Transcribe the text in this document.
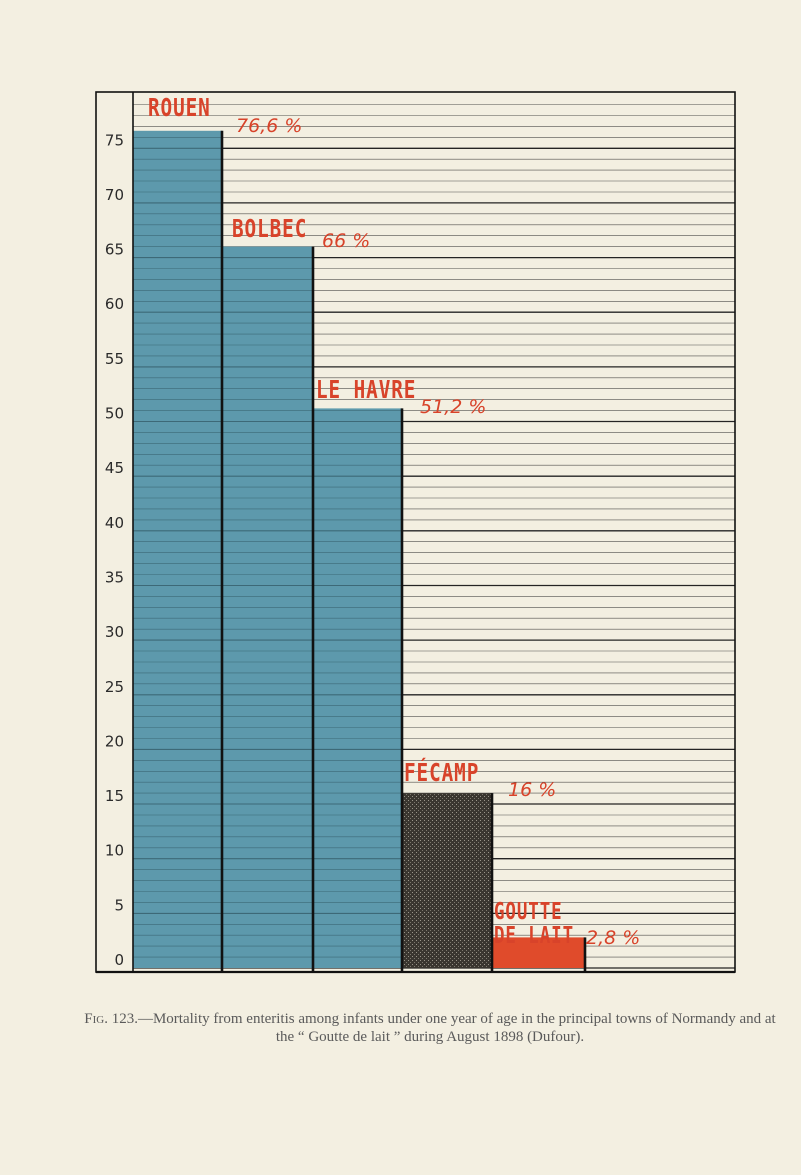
0
5
10
15
20
25
30
35
40
45
50
55
60
65
70
75
ROUEN
76,6 %
BOLBEC 66 %
LE HAVRE
51,2 %
FÉCAMP
16 %
GOUTTE
DE LAIT 2,8 %
Fig. 123.—Mortality from enteritis among infants under one year of age in the principal towns of Normandy and at the “ Goutte de lait ” during August 1898 (Dufour).
